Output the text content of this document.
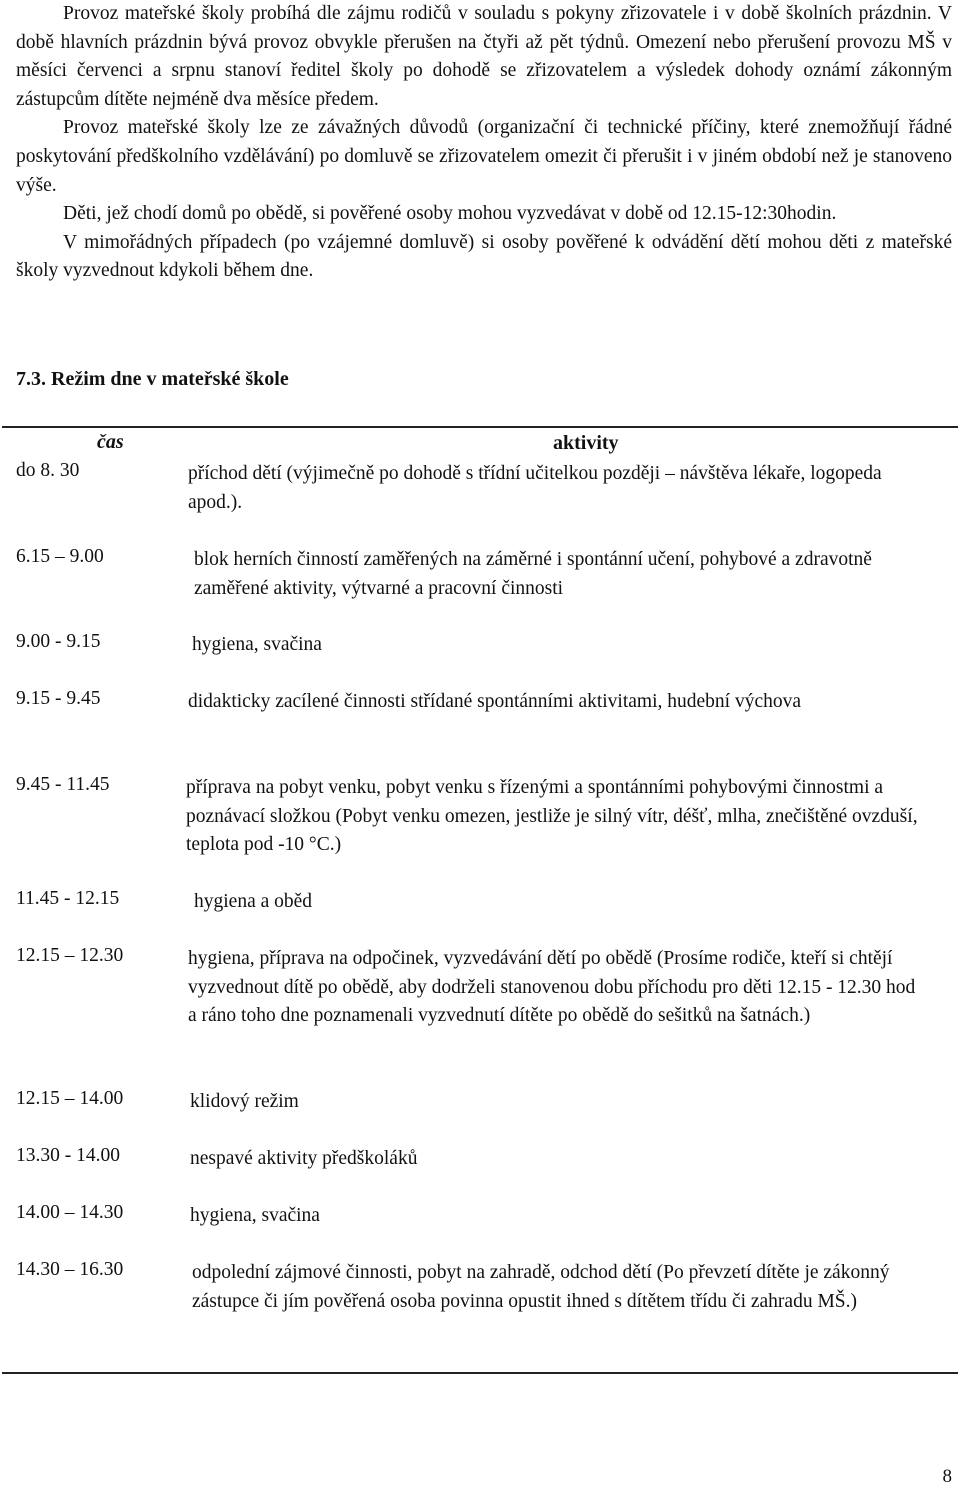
Provoz mateřské školy probíhá dle zájmu rodičů v souladu s pokyny zřizovatele i v době školních prázdnin. V době hlavních prázdnin bývá provoz obvykle přerušen na čtyři až pět týdnů. Omezení nebo přerušení provozu MŠ v měsíci červenci a srpnu stanoví ředitel školy po dohodě se zřizovatelem a výsledek dohody oznámí zákonným zástupcům dítěte nejméně dva měsíce předem.

Provoz mateřské školy lze ze závažných důvodů (organizační či technické příčiny, které znemožňují řádné poskytování předškolního vzdělávání) po domluvě se zřizovatelem omezit či přerušit i v jiném období než je stanoveno výše.

Děti, jež chodí domů po obědě, si pověřené osoby mohou vyzvedávat v době od 12.15-12:30hodin.

V mimořádných případech (po vzájemné domluvě) si osoby pověřené k odvádění dětí mohou děti z mateřské školy vyzvednout kdykoli během dne.

7.3. Režim dne v mateřské škole
čas	aktivity
do 8. 30	příchod dětí (výjimečně po dohodě s třídní učitelkou později – návštěva lékaře, logopeda apod.).
6.15 – 9.00	blok herních činností zaměřených na záměrné i spontánní učení, pohybové a zdravotně zaměřené aktivity, výtvarné a pracovní činnosti
9.00 - 9.15	hygiena, svačina
9.15 - 9.45	didakticky zacílené činnosti střídané spontánními aktivitami, hudební výchova
9.45 - 11.45	příprava na pobyt venku, pobyt venku s řízenými a spontánními pohybovými činnostmi a poznávací složkou (Pobyt venku omezen, jestliže je silný vítr, déšť, mlha, znečištěné ovzduší, teplota pod -10 °C.)
11.45 - 12.15	hygiena a oběd
12.15 – 12.30	hygiena, příprava na odpočinek, vyzvedávání dětí po obědě (Prosíme rodiče, kteří si chtějí vyzvednout dítě po obědě, aby dodrželi stanovenou dobu příchodu pro děti 12.15 - 12.30 hod a ráno toho dne poznamenali vyzvednutí dítěte po obědě do sešitků na šatnách.)
12.15 – 14.00	klidový režim
13.30 - 14.00	nespavé aktivity předškoláků
14.00 – 14.30	hygiena, svačina
14.30 – 16.30	odpolední zájmové činnosti, pobyt na zahradě, odchod dětí (Po převzetí dítěte je zákonný zástupce či jím pověřená osoba povinna opustit ihned s dítětem třídu či zahradu MŠ.)
8
